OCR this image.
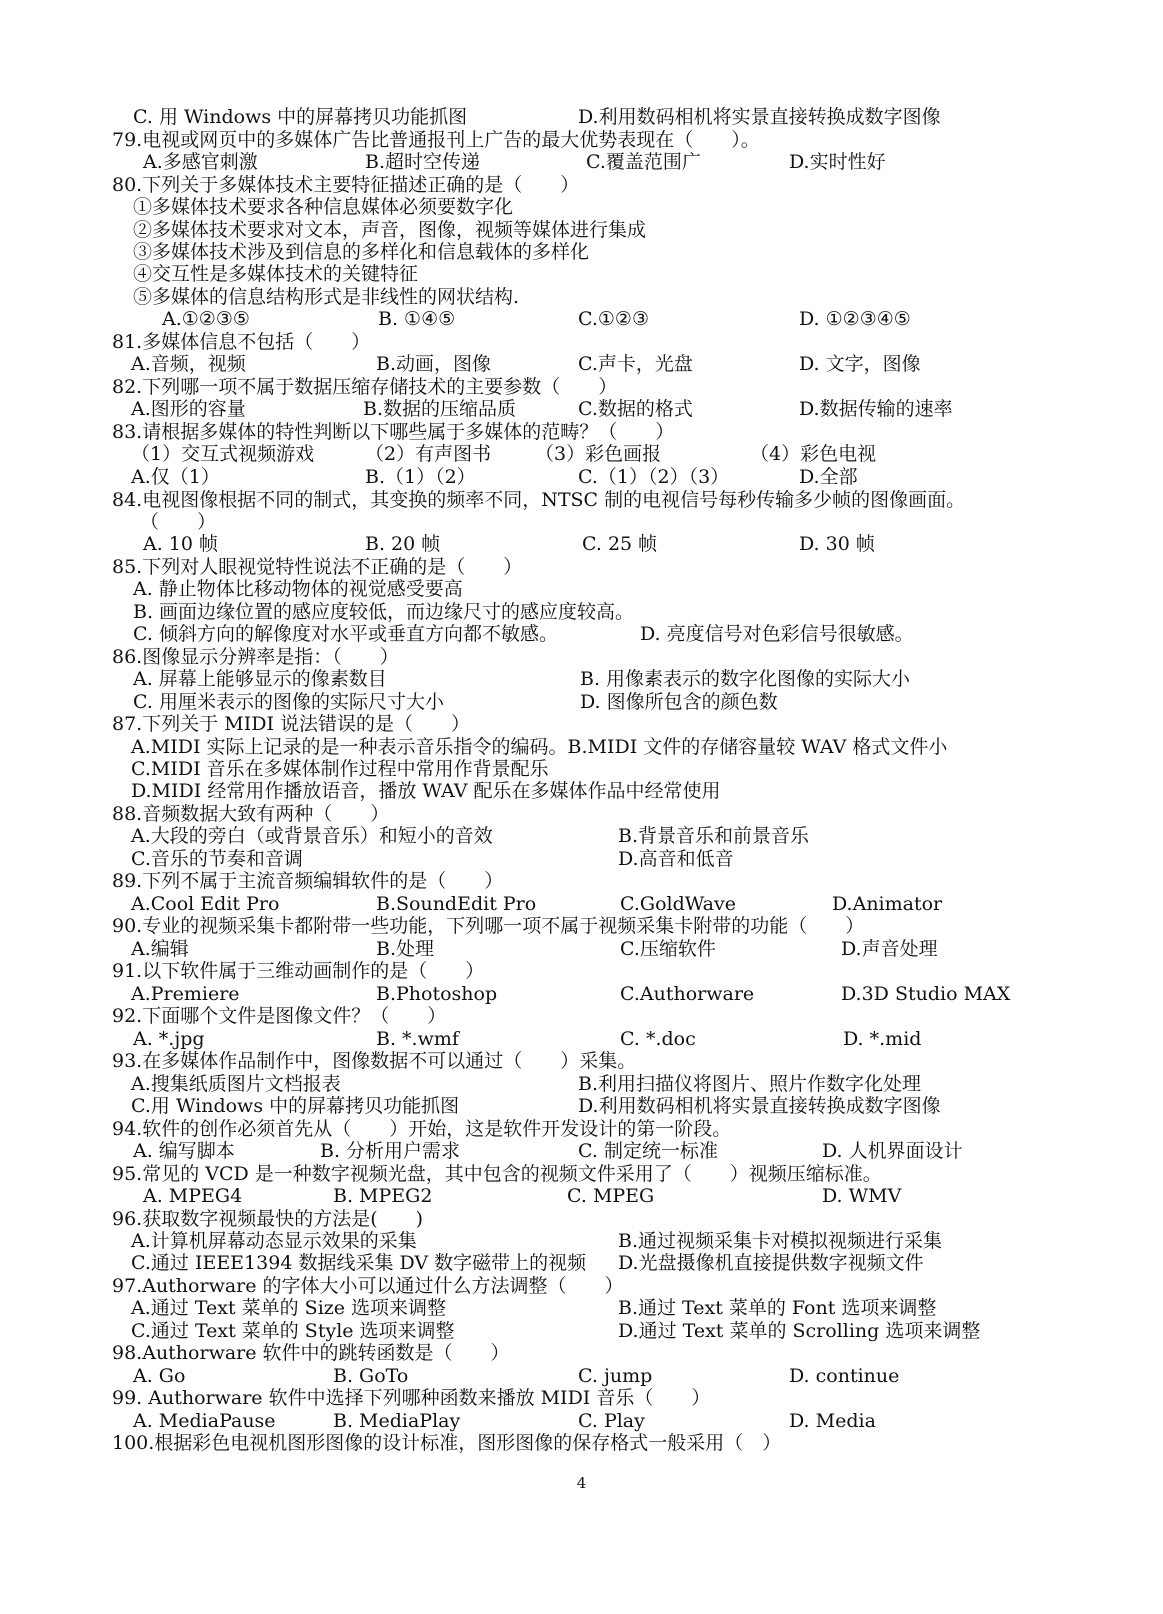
C. 用 Windows 中的屏幕拷贝功能抓图	D.利用数码相机将实景直接转换成数字图像
79.电视或网页中的多媒体广告比普通报刊上广告的最大优势表现在（　　）。
A.多感官刺激	B.超时空传递	C.覆盖范围广	D.实时性好
80.下列关于多媒体技术主要特征描述正确的是（　　）
①多媒体技术要求各种信息媒体必须要数字化
②多媒体技术要求对文本，声音，图像，视频等媒体进行集成
③多媒体技术涉及到信息的多样化和信息载体的多样化
④交互性是多媒体技术的关键特征
⑤多媒体的信息结构形式是非线性的网状结构.
A.①②③⑤	B. ①④⑤	C.①②③	D. ①②③④⑤
81.多媒体信息不包括（　　）
A.音频，视频	B.动画，图像	C.声卡，光盘	D. 文字，图像
82.下列哪一项不属于数据压缩存储技术的主要参数（　　）
A.图形的容量	B.数据的压缩品质	C.数据的格式	D.数据传输的速率
83.请根据多媒体的特性判断以下哪些属于多媒体的范畴？（　　）
（1）交互式视频游戏	（2）有声图书 （3）彩色画报	（4）彩色电视
A.仅（1）	B.（1）（2）	C.（1）（2）（3）	D.全部
84.电视图像根据不同的制式，其变换的频率不同，NTSC 制的电视信号每秒传输多少帧的图像画面。
（　　）
A. 10 帧	B. 20 帧	C. 25 帧	D. 30 帧
85.下列对人眼视觉特性说法不正确的是（　　）
A. 静止物体比移动物体的视觉感受要高
B. 画面边缘位置的感应度较低，而边缘尺寸的感应度较高。
C. 倾斜方向的解像度对水平或垂直方向都不敏感。	D. 亮度信号对色彩信号很敏感。
86.图像显示分辨率是指：（　　）
A. 屏幕上能够显示的像素数目	B. 用像素表示的数字化图像的实际大小
C. 用厘米表示的图像的实际尺寸大小	D. 图像所包含的颜色数
87.下列关于 MIDI 说法错误的是（　　）
A.MIDI 实际上记录的是一种表示音乐指令的编码。B.MIDI 文件的存储容量较 WAV 格式文件小
C.MIDI 音乐在多媒体制作过程中常用作背景配乐
D.MIDI 经常用作播放语音，播放 WAV 配乐在多媒体作品中经常使用
88.音频数据大致有两种（　　）
A.大段的旁白（或背景音乐）和短小的音效	B.背景音乐和前景音乐
C.音乐的节奏和音调	D.高音和低音
89.下列不属于主流音频编辑软件的是（　　）
A.Cool Edit Pro	B.SoundEdit Pro	C.GoldWave	D.Animator
90.专业的视频采集卡都附带一些功能，下列哪一项不属于视频采集卡附带的功能（　　）
A.编辑	B.处理	C.压缩软件	D.声音处理
91.以下软件属于三维动画制作的是（　　）
A.Premiere	B.Photoshop	C.Authorware	D.3D Studio MAX
92.下面哪个文件是图像文件？（　　）
A. *.jpg	B. *.wmf	C. *.doc	D. *.mid
93.在多媒体作品制作中，图像数据不可以通过（　　）采集。
A.搜集纸质图片文档报表	B.利用扫描仪将图片、照片作数字化处理
C.用 Windows 中的屏幕拷贝功能抓图	D.利用数码相机将实景直接转换成数字图像
94.软件的创作必须首先从（　　）开始，这是软件开发设计的第一阶段。
A. 编写脚本	B. 分析用户需求	C. 制定统一标准	D. 人机界面设计
95.常见的 VCD 是一种数字视频光盘，其中包含的视频文件采用了（　　）视频压缩标准。
A. MPEG4	B. MPEG2	C. MPEG	D. WMV
96.获取数字视频最快的方法是(　　)
A.计算机屏幕动态显示效果的采集	B.通过视频采集卡对模拟视频进行采集
C.通过 IEEE1394 数据线采集 DV 数字磁带上的视频 D.光盘摄像机直接提供数字视频文件
97.Authorware 的字体大小可以通过什么方法调整（　　）
A.通过 Text 菜单的 Size 选项来调整	B.通过 Text 菜单的 Font 选项来调整
C.通过 Text 菜单的 Style 选项来调整	D.通过 Text 菜单的 Scrolling 选项来调整
98.Authorware 软件中的跳转函数是（　　）
A. Go	B. GoTo	C. jump	D. continue
99. Authorware 软件中选择下列哪种函数来播放 MIDI 音乐（　　）
A. MediaPause	B. MediaPlay	C. Play	D. Media
100.根据彩色电视机图形图像的设计标准，图形图像的保存格式一般采用（　）
4
